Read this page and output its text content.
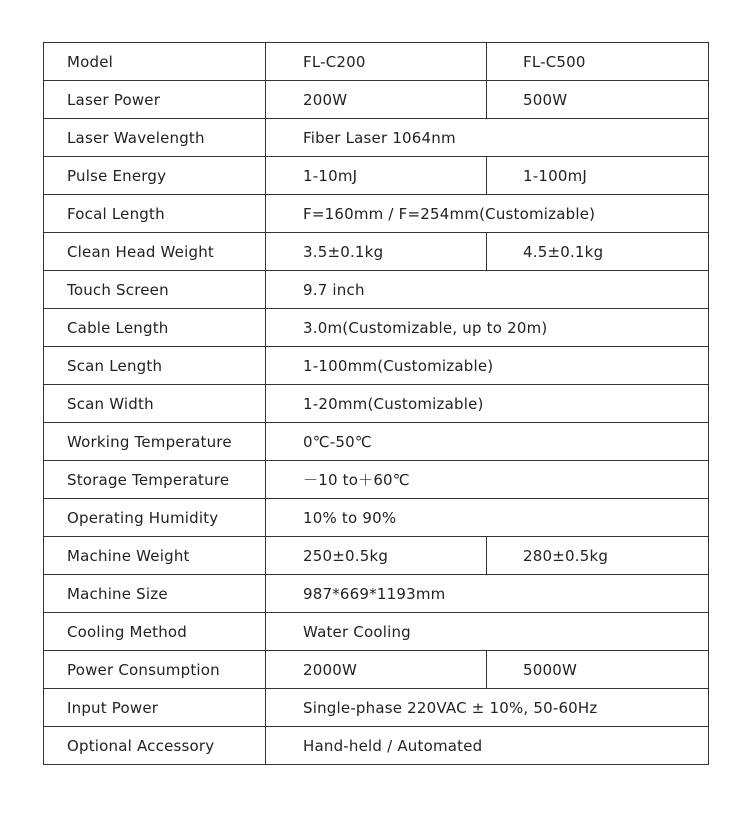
Model	FL-C200	FL-C500
Laser Power	200W	500W
Laser Wavelength	Fiber Laser 1064nm	
Pulse Energy	1-10mJ	1-100mJ
Focal Length	F=160mm / F=254mm(Customizable)	
Clean Head Weight	3.5±0.1kg	4.5±0.1kg
Touch Screen	9.7 inch	
Cable Length	3.0m(Customizable, up to 20m)	
Scan Length	1-100mm(Customizable)	
Scan Width	1-20mm(Customizable)	
Working Temperature	0℃-50℃	
Storage Temperature	－10 to＋60℃	
Operating Humidity	10% to 90%	
Machine Weight	250±0.5kg	280±0.5kg
Machine Size	987*669*1193mm	
Cooling Method	Water Cooling	
Power Consumption	2000W	5000W
Input Power	Single-phase 220VAC ± 10%, 50-60Hz	
Optional Accessory	Hand-held / Automated	
